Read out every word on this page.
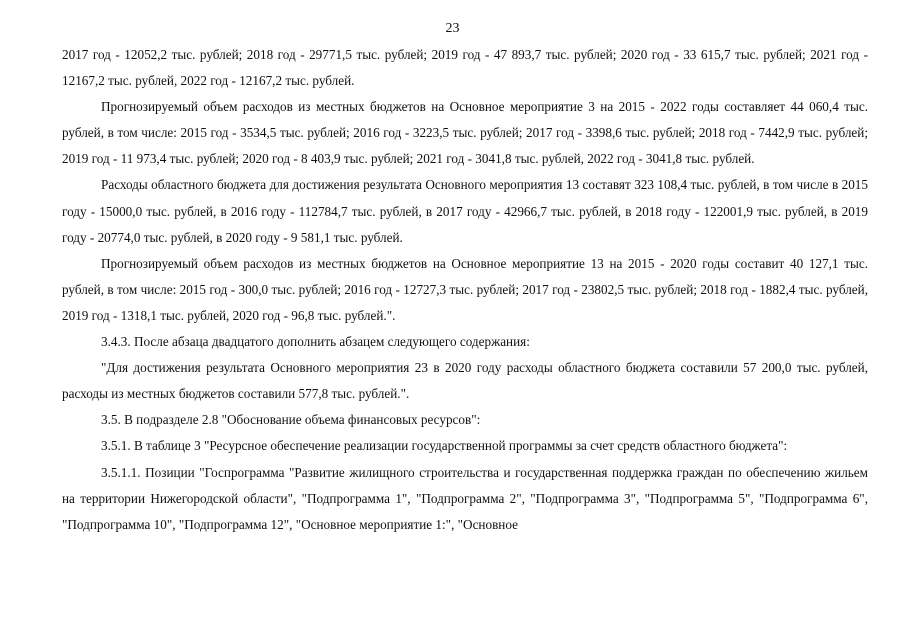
23

2017 год - 12052,2 тыс. рублей; 2018 год - 29771,5 тыс. рублей; 2019 год - 47 893,7 тыс. рублей; 2020 год - 33 615,7 тыс. рублей; 2021 год - 12167,2 тыс. рублей, 2022 год - 12167,2 тыс. рублей.

Прогнозируемый объем расходов из местных бюджетов на Основное мероприятие 3 на 2015 - 2022 годы составляет 44 060,4 тыс. рублей, в том числе: 2015 год - 3534,5 тыс. рублей; 2016 год - 3223,5 тыс. рублей; 2017 год - 3398,6 тыс. рублей; 2018 год - 7442,9 тыс. рублей; 2019 год - 11 973,4 тыс. рублей; 2020 год - 8 403,9 тыс. рублей; 2021 год - 3041,8 тыс. рублей, 2022 год - 3041,8 тыс. рублей.

Расходы областного бюджета для достижения результата Основного мероприятия 13 составят 323 108,4 тыс. рублей, в том числе в 2015 году - 15000,0 тыс. рублей, в 2016 году - 112784,7 тыс. рублей, в 2017 году - 42966,7 тыс. рублей, в 2018 году - 122001,9 тыс. рублей, в 2019 году - 20774,0 тыс. рублей, в 2020 году - 9 581,1 тыс. рублей.

Прогнозируемый объем расходов из местных бюджетов на Основное мероприятие 13 на 2015 - 2020 годы составит 40 127,1 тыс. рублей, в том числе: 2015 год - 300,0 тыс. рублей; 2016 год - 12727,3 тыс. рублей; 2017 год - 23802,5 тыс. рублей; 2018 год - 1882,4 тыс. рублей, 2019 год - 1318,1 тыс. рублей, 2020 год - 96,8 тыс. рублей.".

3.4.3. После абзаца двадцатого дополнить абзацем следующего содержания:

"Для достижения результата Основного мероприятия 23 в 2020 году расходы областного бюджета составили 57 200,0 тыс. рублей, расходы из местных бюджетов составили 577,8 тыс. рублей.".

3.5. В подразделе 2.8 "Обоснование объема финансовых ресурсов":

3.5.1. В таблице 3 "Ресурсное обеспечение реализации государственной программы за счет средств областного бюджета":

3.5.1.1. Позиции "Госпрограмма "Развитие жилищного строительства и государственная поддержка граждан по обеспечению жильем на территории Нижегородской области", "Подпрограмма 1", "Подпрограмма 2", "Подпрограмма 3", "Подпрограмма 5", "Подпрограмма 6", "Подпрограмма 10", "Подпрограмма 12", "Основное мероприятие 1:", "Основное
